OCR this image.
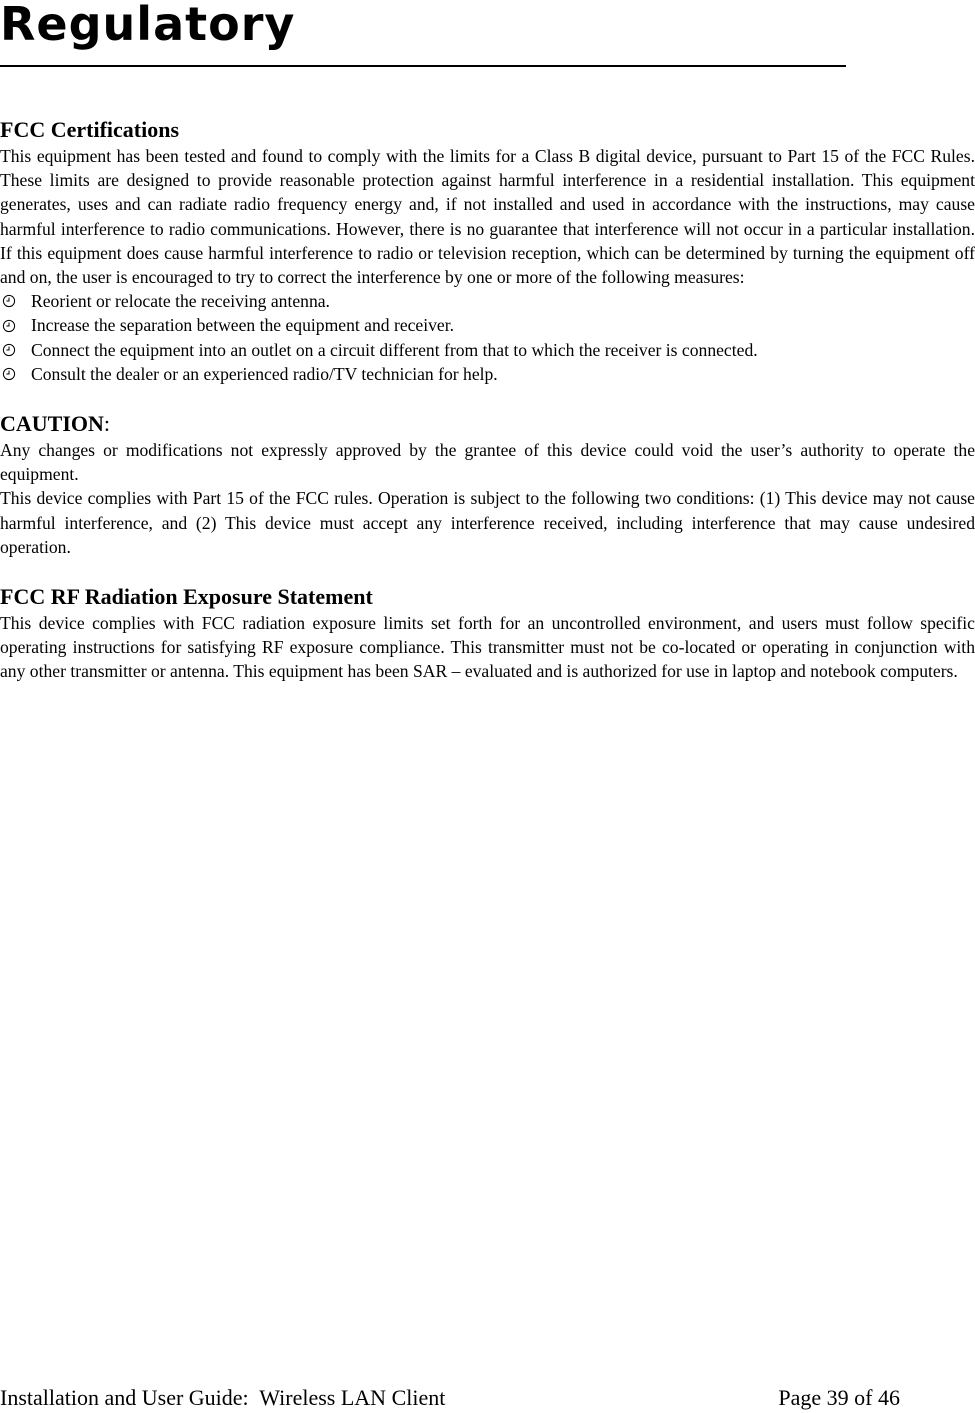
Regulatory
FCC Certifications

This equipment has been tested and found to comply with the limits for a Class B digital device, pursuant to Part 15 of the FCC Rules. These limits are designed to provide reasonable protection against harmful interference in a residential installation. This equipment generates, uses and can radiate radio frequency energy and, if not installed and used in accordance with the instructions, may cause harmful interference to radio communications. However, there is no guarantee that interference will not occur in a particular installation. If this equipment does cause harmful interference to radio or television reception, which can be determined by turning the equipment off and on, the user is encouraged to try to correct the interference by one or more of the following measures:

Reorient or relocate the receiving antenna.
Increase the separation between the equipment and receiver.
Connect the equipment into an outlet on a circuit different from that to which the receiver is connected.
Consult the dealer or an experienced radio/TV technician for help.
CAUTION:

Any changes or modifications not expressly approved by the grantee of this device could void the user’s authority to operate the equipment.

This device complies with Part 15 of the FCC rules. Operation is subject to the following two conditions: (1) This device may not cause harmful interference, and (2) This device must accept any interference received, including interference that may cause undesired operation.

FCC RF Radiation Exposure Statement

This device complies with FCC radiation exposure limits set forth for an uncontrolled environment, and users must follow specific operating instructions for satisfying RF exposure compliance. This transmitter must not be co-located or operating in conjunction with any other transmitter or antenna. This equipment has been SAR – evaluated and is authorized for use in laptop and notebook computers.

Installation and User Guide:  Wireless LAN Client	Page 39 of 46
